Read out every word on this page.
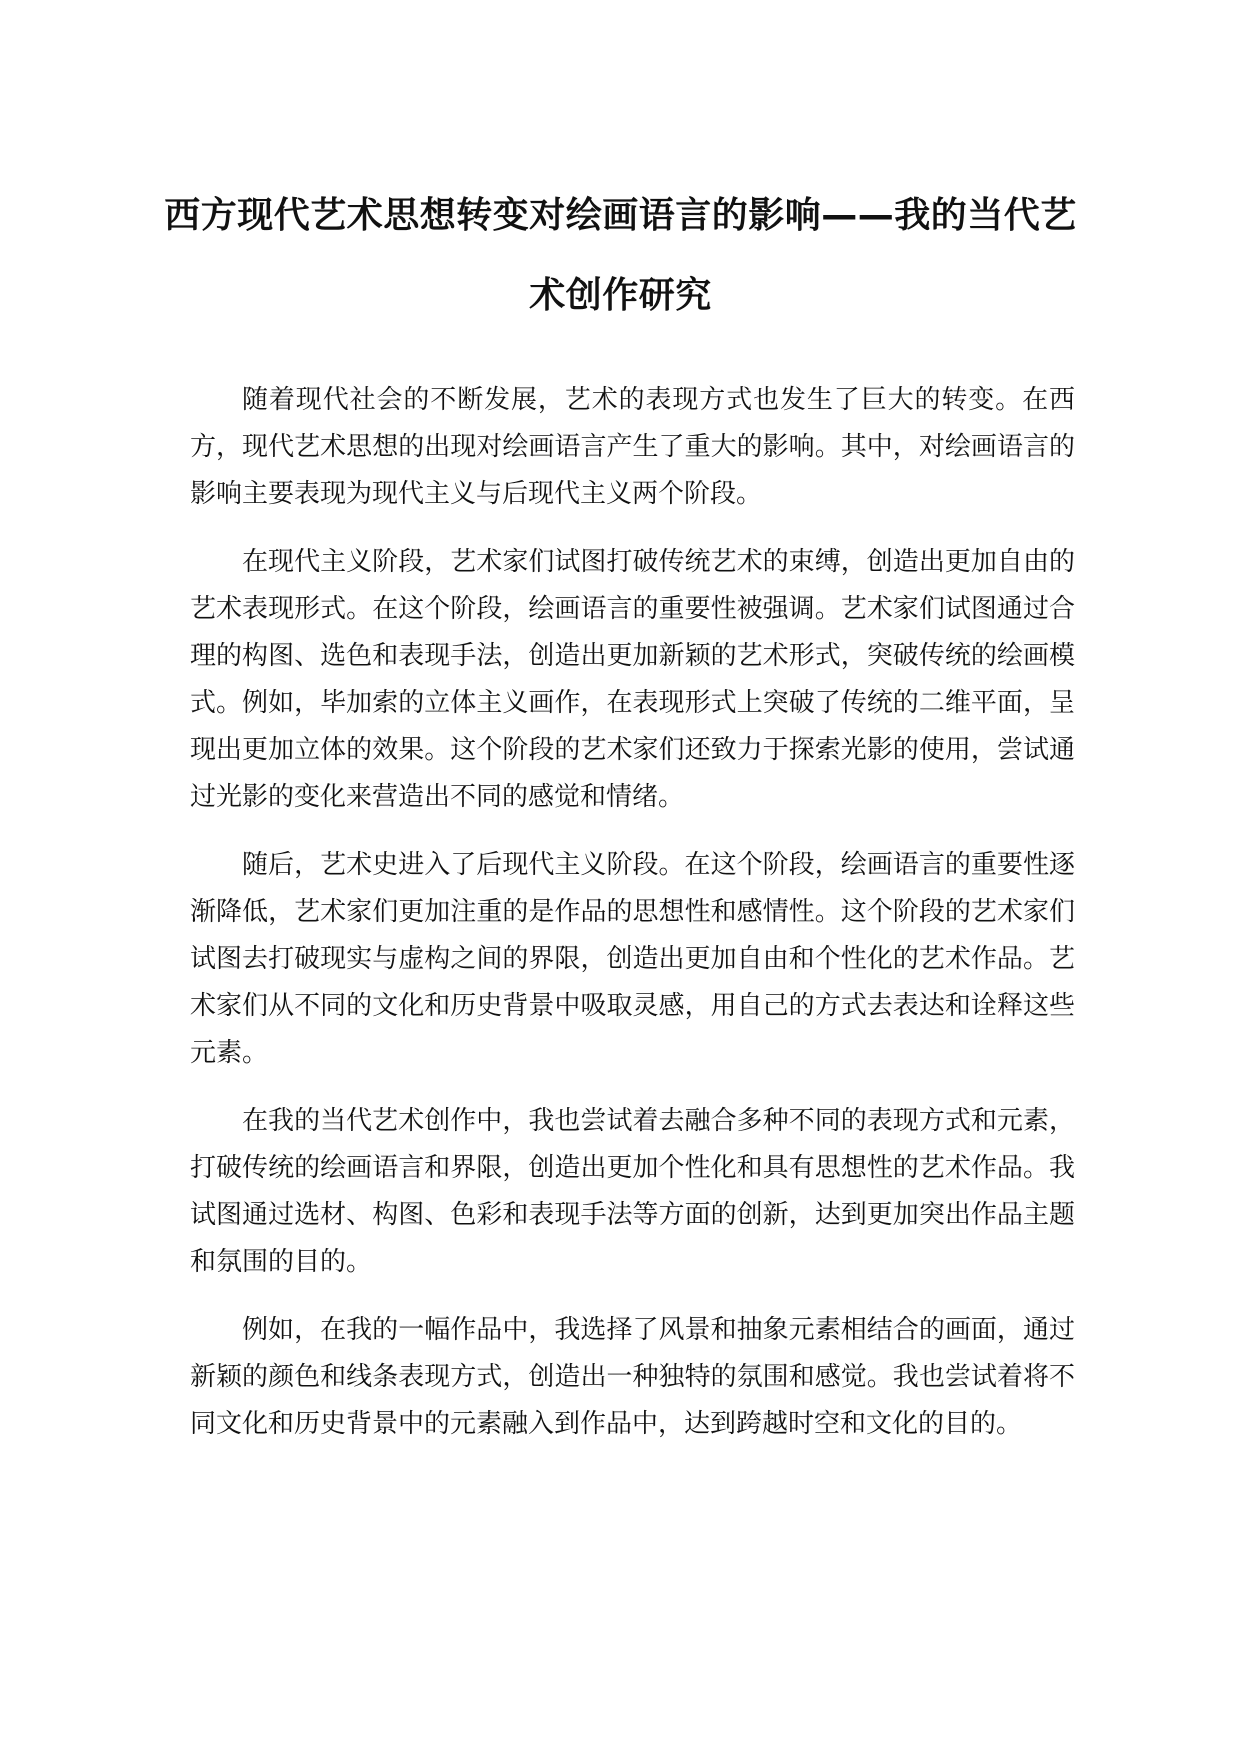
西方现代艺术思想转变对绘画语言的影响——我的当代艺术创作研究

随着现代社会的不断发展，艺术的表现方式也发生了巨大的转变。在西方，现代艺术思想的出现对绘画语言产生了重大的影响。其中，对绘画语言的影响主要表现为现代主义与后现代主义两个阶段。

在现代主义阶段，艺术家们试图打破传统艺术的束缚，创造出更加自由的艺术表现形式。在这个阶段，绘画语言的重要性被强调。艺术家们试图通过合理的构图、选色和表现手法，创造出更加新颖的艺术形式，突破传统的绘画模式。例如，毕加索的立体主义画作，在表现形式上突破了传统的二维平面，呈现出更加立体的效果。这个阶段的艺术家们还致力于探索光影的使用，尝试通过光影的变化来营造出不同的感觉和情绪。

随后，艺术史进入了后现代主义阶段。在这个阶段，绘画语言的重要性逐渐降低，艺术家们更加注重的是作品的思想性和感情性。这个阶段的艺术家们试图去打破现实与虚构之间的界限，创造出更加自由和个性化的艺术作品。艺术家们从不同的文化和历史背景中吸取灵感，用自己的方式去表达和诠释这些元素。

在我的当代艺术创作中，我也尝试着去融合多种不同的表现方式和元素，打破传统的绘画语言和界限，创造出更加个性化和具有思想性的艺术作品。我试图通过选材、构图、色彩和表现手法等方面的创新，达到更加突出作品主题和氛围的目的。

例如，在我的一幅作品中，我选择了风景和抽象元素相结合的画面，通过新颖的颜色和线条表现方式，创造出一种独特的氛围和感觉。我也尝试着将不同文化和历史背景中的元素融入到作品中，达到跨越时空和文化的目的。
